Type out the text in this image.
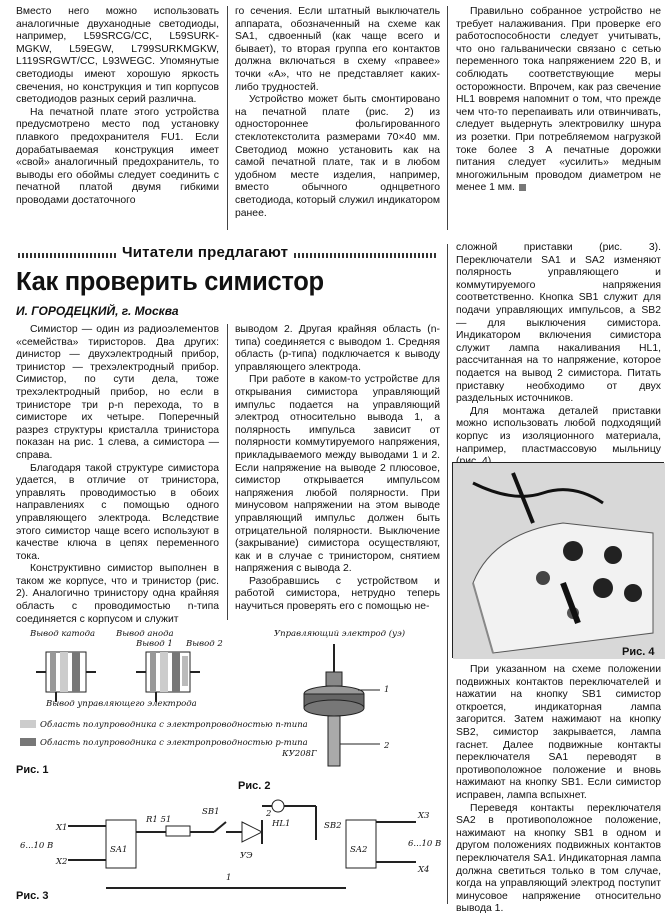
Вместо него можно использовать аналогичные двуханодные светодиоды, например, L59SRCG/CC, L59SURK-MGKW, L59EGW, L799SURKMGKW, L119SRGWT/CC, L93WEGC. Упомянутые светодиоды имеют хорошую яркость свечения, но конструкция и тип корпусов светодиодов разных серий различна.

На печатной плате этого устройства предусмотрено место под установку плавкого предохранителя FU1. Если дорабатываемая конструкция имеет «свой» аналогичный предохранитель, то выводы его обоймы следует соединить с печатной платой двумя гибкими проводами достаточного

го сечения. Если штатный выключатель аппарата, обозначенный на схеме как SA1, сдвоенный (как чаще всего и бывает), то вторая группа его контактов должна включаться в схему «правее» точки «А», что не представляет каких-либо трудностей.

Устройство может быть смонтировано на печатной плате (рис. 2) из одностороннее фольгированного стеклотекстолита размерами 70×40 мм. Светодиод можно установить как на самой печатной плате, так и в любом удобном месте изделия, например, вместо обычного однцветного светодиода, который служил индикатором ранее.

Правильно собранное устройство не требует налаживания. При проверке его работоспособности следует учитывать, что оно гальванически связано с сетью переменного тока напряжением 220 В, и соблюдать соответствующие меры осторожности. Впрочем, как раз свечение HL1 вовремя напомнит о том, что прежде чем что-то перепаивать или отвинчивать, следует выдернуть электровилку шнура из розетки. При потребляемом нагрузкой токе более 3 А печатные дорожки питания следует «усилить» медным многожильным проводом диаметром не менее 1 мм.

Читатели предлагают
Как проверить симистор
И. ГОРОДЕЦКИЙ, г. Москва

Симистор — один из радиоэлементов «семейства» тиристоров. Два других: динистор — двухэлектродный прибор, тринистор — трехэлектродный прибор. Симистор, по сути дела, тоже трехэлектродный прибор, но если в тринисторе три p-n перехода, то в симисторе их четыре. Поперечный разрез структуры кристалла тринистора показан на рис. 1 слева, а симистора — справа.

Благодаря такой структуре симистора удается, в отличие от тринистора, управлять проводимостью в обоих направлениях с помощью одного управляющего электрода. Вследствие этого симистор чаще всего используют в качестве ключа в цепях переменного тока.

Конструктивно симистор выполнен в таком же корпусе, что и тринистор (рис. 2). Аналогично тринистору одна крайняя область с проводимостью n-типа соединяется с корпусом и служит

выводом 2. Другая крайняя область (n-типа) соединяется с выводом 1. Средняя область (р-типа) подключается к выводу управляющего электрода.

При работе в каком-то устройстве для открывания симистора управляющий импульс подается на управляющий электрод относительно вывода 1, а полярность импульса зависит от полярности коммутируемого напряжения, прикладываемого между выводами 1 и 2. Если напряжение на выводе 2 плюсовое, симистор открывается импульсом напряжения любой полярности. При минусовом напряжении на этом выводе управляющий импульс должен быть отрицательной полярности. Выключение (закрывание) симистора осуществляют, как и в случае с тринистором, снятием напряжения с вывода 2.

Разобравшись с устройством и работой симистора, нетрудно теперь научиться проверять его с помощью не-

сложной приставки (рис. 3). Переключатели SA1 и SA2 изменяют полярность управляющего и коммутируемого напряжения соответственно. Кнопка SB1 служит для подачи управляющих импульсов, а SB2 — для выключения симистора. Индикатором включения симистора служит лампа накаливания HL1, рассчитанная на то напряжение, которое подается на вывод 2 симистора. Питать приставку необходимо от двух раздельных источников.

Для монтажа деталей приставки можно использовать любой подходящий корпус из изоляционного материала, например, пластмассовую мыльницу

Рис. 4

При указанном на схеме положении подвижных контактов переключателей и нажатии на кнопку SB1 симистор откроется, индикаторная лампа загорится. Затем нажимают на кнопку SB2, симистор закрывается, лампа гаснет. Далее подвижные контакты переключателя SA1 переводят в противоположное положение и вновь нажимают на кнопку SB1. Если симистор исправен, лампа вспыхнет.

Переведя контакты переключателя SA2 в противоположное положение, нажимают на кнопку SB1 в одном и другом положениях подвижных контактов переключателя SA1. Индикаторная лампа должна светиться только в том случае, когда на управляющий электрод поступит минусовое напряжение относительно вывода 1.

Вывод катода Вывод анода
Вывод 1 Вывод 2
Вывод управляющего электрода
Область полупроводника с электропроводностью n-типа
Область полупроводника с электропроводностью p-типа
Рис. 1
Управляющий электрод (уэ)
КУ208Г
1
2
Рис. 2
X1
X2
6...10 В	SA1
R1 51
SB1
УЭ
1
2
HL1	SB2
SA2
X3
X4
6...10 В
Рис. 3
